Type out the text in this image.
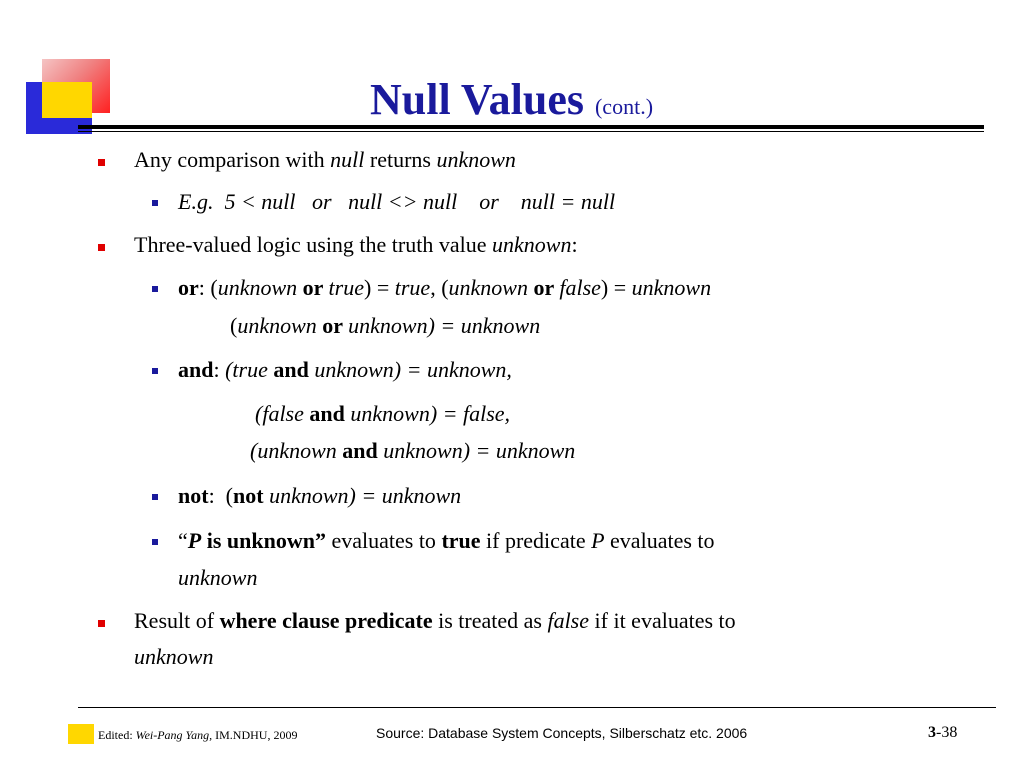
Null Values (cont.)
Any comparison with null returns unknown
E.g.  5 < null   or   null <> null    or    null = null
Three-valued logic using the truth value unknown:
or: (unknown or true) = true, (unknown or false) = unknown
(unknown or unknown) = unknown
and: (true and unknown) = unknown,
(false and unknown) = false,
(unknown and unknown) = unknown
not:  (not unknown) = unknown
“P is unknown” evaluates to true if predicate P evaluates to
unknown
Result of where clause predicate is treated as false if it evaluates to
unknown
Edited: Wei-Pang Yang, IM.NDHU, 2009	Source: Database System Concepts, Silberschatz etc. 2006	3-38
